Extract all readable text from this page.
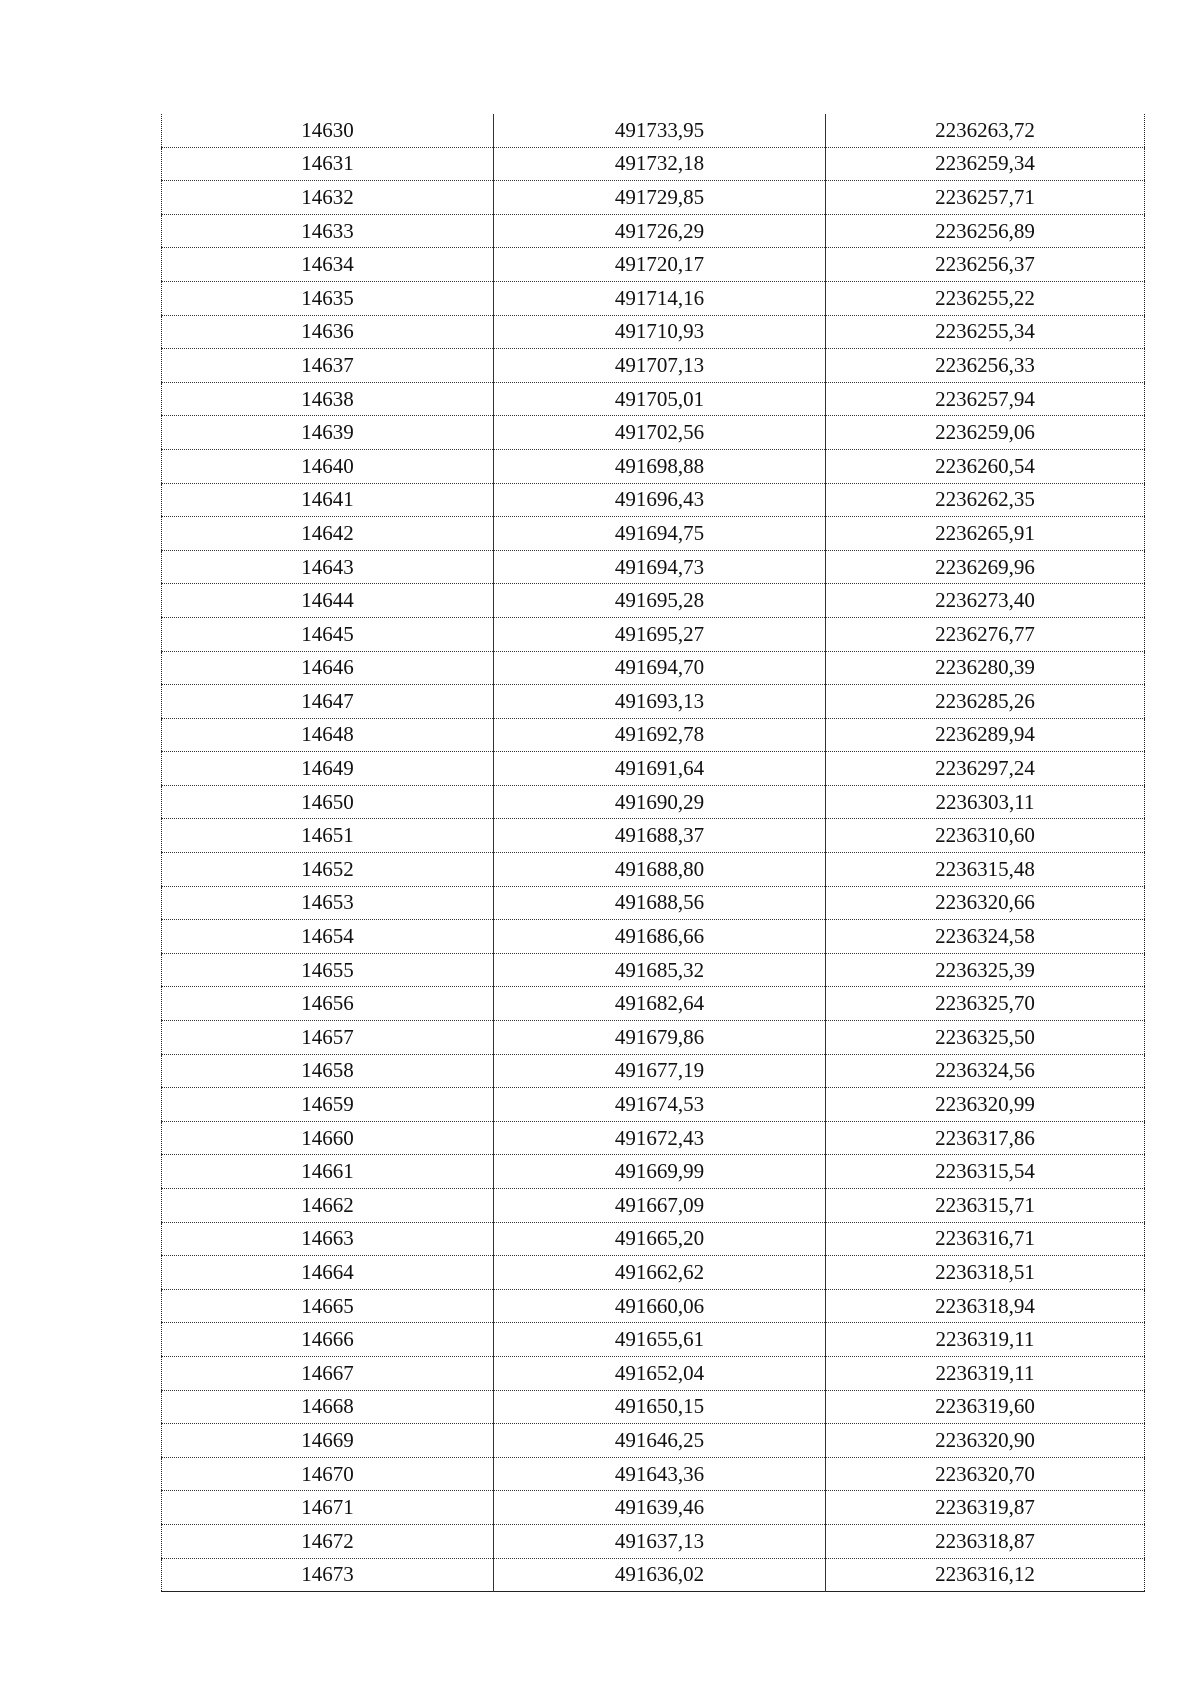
14630	491733,95	2236263,72
14631	491732,18	2236259,34
14632	491729,85	2236257,71
14633	491726,29	2236256,89
14634	491720,17	2236256,37
14635	491714,16	2236255,22
14636	491710,93	2236255,34
14637	491707,13	2236256,33
14638	491705,01	2236257,94
14639	491702,56	2236259,06
14640	491698,88	2236260,54
14641	491696,43	2236262,35
14642	491694,75	2236265,91
14643	491694,73	2236269,96
14644	491695,28	2236273,40
14645	491695,27	2236276,77
14646	491694,70	2236280,39
14647	491693,13	2236285,26
14648	491692,78	2236289,94
14649	491691,64	2236297,24
14650	491690,29	2236303,11
14651	491688,37	2236310,60
14652	491688,80	2236315,48
14653	491688,56	2236320,66
14654	491686,66	2236324,58
14655	491685,32	2236325,39
14656	491682,64	2236325,70
14657	491679,86	2236325,50
14658	491677,19	2236324,56
14659	491674,53	2236320,99
14660	491672,43	2236317,86
14661	491669,99	2236315,54
14662	491667,09	2236315,71
14663	491665,20	2236316,71
14664	491662,62	2236318,51
14665	491660,06	2236318,94
14666	491655,61	2236319,11
14667	491652,04	2236319,11
14668	491650,15	2236319,60
14669	491646,25	2236320,90
14670	491643,36	2236320,70
14671	491639,46	2236319,87
14672	491637,13	2236318,87
14673	491636,02	2236316,12
